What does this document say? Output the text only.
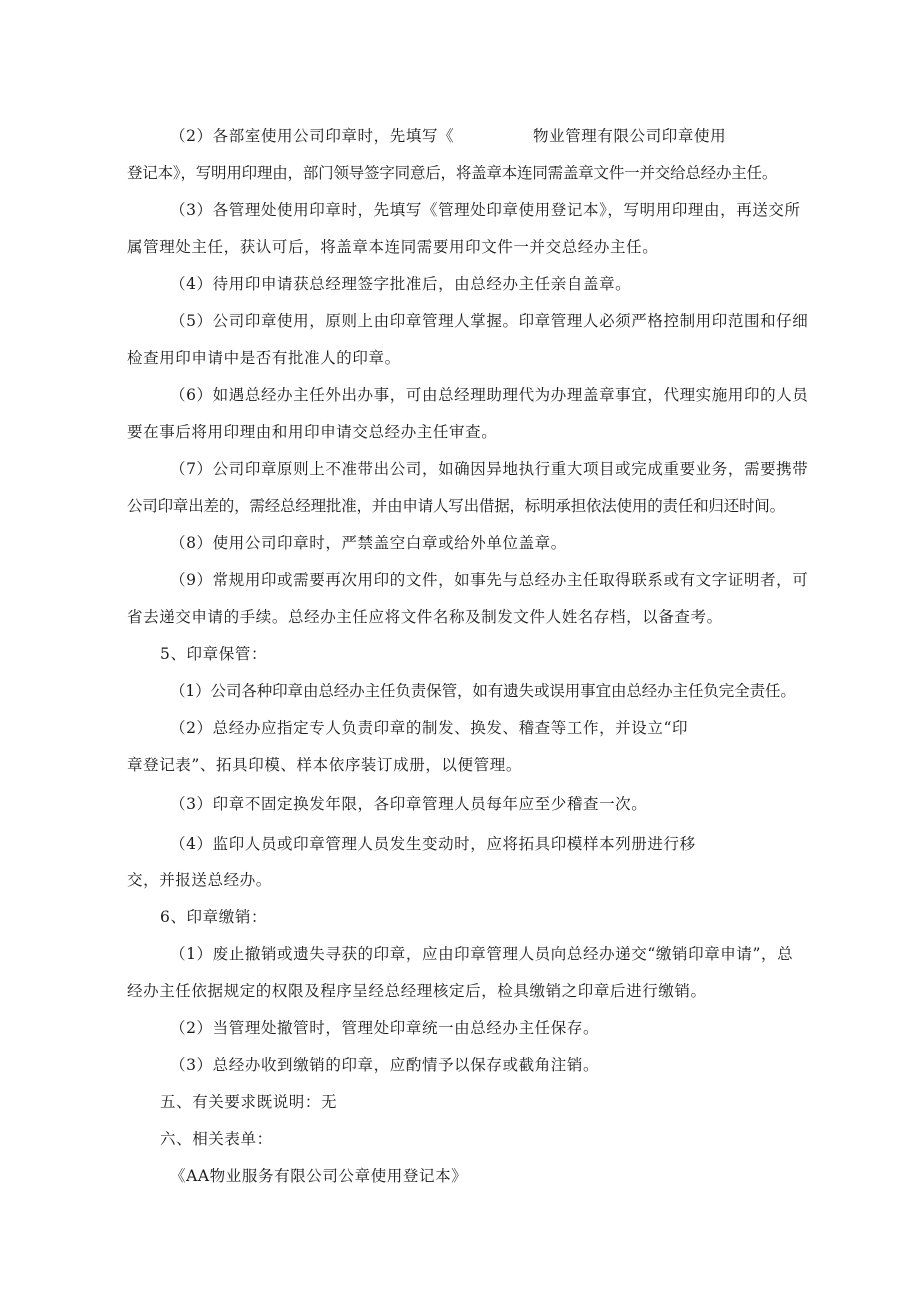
（2）各部室使用公司印章时，先填写《	物业管理有限公司印章使用
登记本》，写明用印理由，部门领导签字同意后，将盖章本连同需盖章文件一并交给总经办主任。
（3）各管理处使用印章时，先填写《管理处印章使用登记本》，写明用印理由，再送交所
属管理处主任，获认可后，将盖章本连同需要用印文件一并交总经办主任。
（4）待用印申请获总经理签字批准后，由总经办主任亲自盖章。
（5）公司印章使用，原则上由印章管理人掌握。印章管理人必须严格控制用印范围和仔细
检查用印申请中是否有批准人的印章。
（6）如遇总经办主任外出办事，可由总经理助理代为办理盖章事宜，代理实施用印的人员
要在事后将用印理由和用印申请交总经办主任审查。
（7）公司印章原则上不准带出公司，如确因异地执行重大项目或完成重要业务，需要携带
公司印章出差的，需经总经理批准，并由申请人写出借据，标明承担依法使用的责任和归还时间。
（8）使用公司印章时，严禁盖空白章或给外单位盖章。
（9）常规用印或需要再次用印的文件，如事先与总经办主任取得联系或有文字证明者，可
省去递交申请的手续。总经办主任应将文件名称及制发文件人姓名存档，以备查考。
5、印章保管：
（1）公司各种印章由总经办主任负责保管，如有遗失或误用事宜由总经办主任负完全责任。
（2）总经办应指定专人负责印章的制发、换发、稽查等工作，并设立“印
章登记表”、拓具印模、样本依序装订成册，以便管理。
（3）印章不固定换发年限，各印章管理人员每年应至少稽查一次。
（4）监印人员或印章管理人员发生变动时，应将拓具印模样本列册进行移
交，并报送总经办。
6、印章缴销：
（1）废止撤销或遗失寻获的印章，应由印章管理人员向总经办递交“缴销印章申请”，总
经办主任依据规定的权限及程序呈经总经理核定后，检具缴销之印章后进行缴销。
（2）当管理处撤管时，管理处印章统一由总经办主任保存。
（3）总经办收到缴销的印章，应酌情予以保存或截角注销。
五、有关要求既说明：无
六、相关表单：
《AA物业服务有限公司公章使用登记本》
